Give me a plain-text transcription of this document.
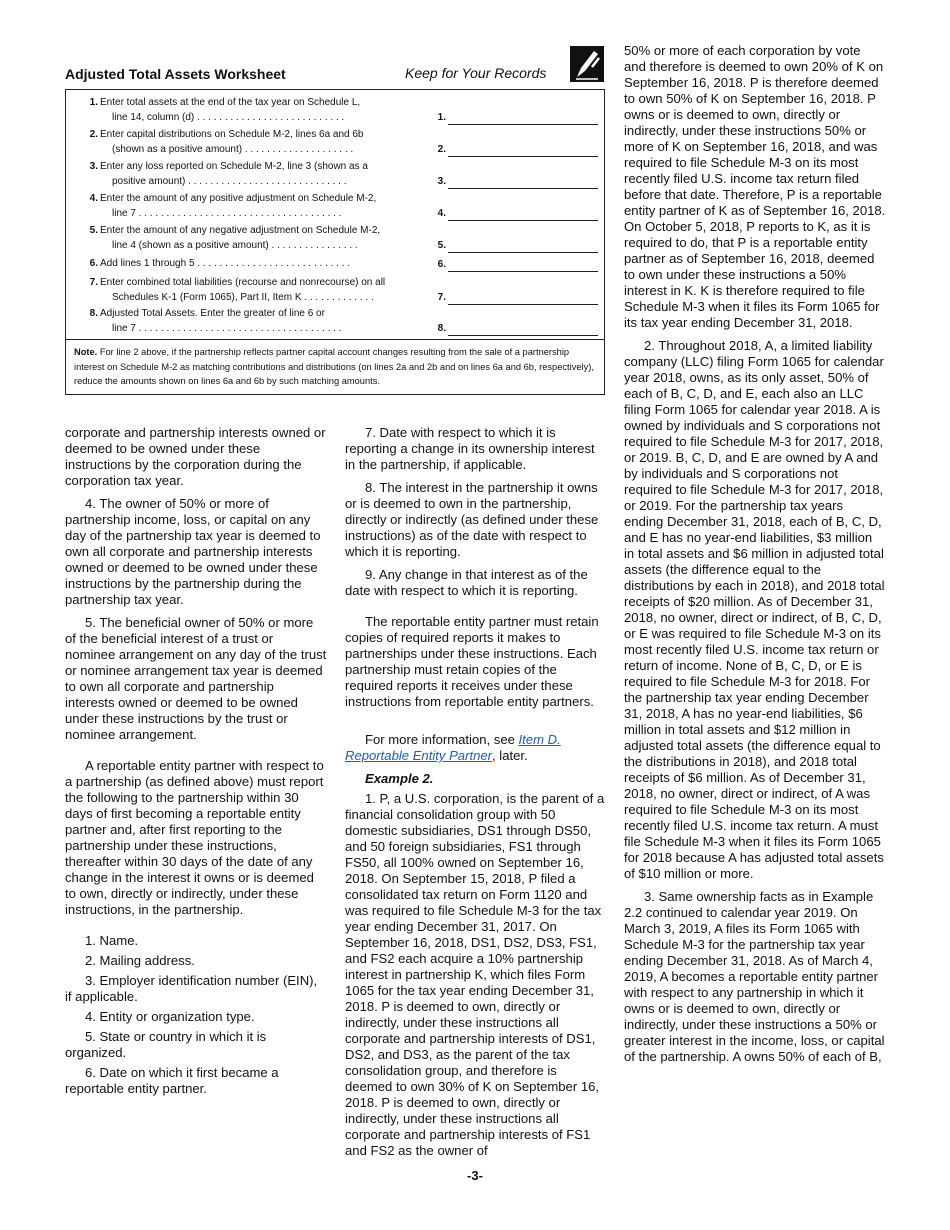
Adjusted Total Assets Worksheet	Keep for Your Records
1. Enter total assets at the end of the tax year on Schedule L,
line 14, column (d) . . . . . . . . . . . . . . . . . . . . . . . . . . .	1.
2. Enter capital distributions on Schedule M-2, lines 6a and 6b
(shown as a positive amount) . . . . . . . . . . . . . . . . . . . .	2.
3. Enter any loss reported on Schedule M-2, line 3 (shown as a
positive amount) . . . . . . . . . . . . . . . . . . . . . . . . . . . . .	3.
4. Enter the amount of any positive adjustment on Schedule M-2,
line 7 . . . . . . . . . . . . . . . . . . . . . . . . . . . . . . . . . . . . .	4.
5. Enter the amount of any negative adjustment on Schedule M-2,
line 4 (shown as a positive amount) . . . . . . . . . . . . . . . .	5.
6. Add lines 1 through 5 . . . . . . . . . . . . . . . . . . . . . . . . . . . .	6.
7. Enter combined total liabilities (recourse and nonrecourse) on all
Schedules K-1 (Form 1065), Part II, Item K . . . . . . . . . . . . .	7.
8. Adjusted Total Assets. Enter the greater of line 6 or
line 7 . . . . . . . . . . . . . . . . . . . . . . . . . . . . . . . . . . . . .	8.
Note. For line 2 above, if the partnership reflects partner capital account changes resulting from the sale of a partnership interest on Schedule M-2 as matching contributions and distributions (on lines 2a and 2b and on lines 6a and 6b, respectively), reduce the amounts shown on lines 6a and 6b by such matching amounts.

corporate and partnership interests owned or deemed to be owned under these instructions by the corporation during the corporation tax year.

4. The owner of 50% or more of partnership income, loss, or capital on any day of the partnership tax year is deemed to own all corporate and partnership interests owned or deemed to be owned under these instructions by the partnership during the partnership tax year.

5. The beneficial owner of 50% or more of the beneficial interest of a trust or nominee arrangement on any day of the trust or nominee arrangement tax year is deemed to own all corporate and partnership interests owned or deemed to be owned under these instructions by the trust or nominee arrangement.

A reportable entity partner with respect to a partnership (as defined above) must report the following to the partnership within 30 days of first becoming a reportable entity partner and, after first reporting to the partnership under these instructions, thereafter within 30 days of the date of any change in the interest it owns or is deemed to own, directly or indirectly, under these instructions, in the partnership.

1. Name.

2. Mailing address.

3. Employer identification number (EIN), if applicable.

4. Entity or organization type.

5. State or country in which it is organized.

6. Date on which it first became a reportable entity partner.

7. Date with respect to which it is reporting a change in its ownership interest in the partnership, if applicable.

8. The interest in the partnership it owns or is deemed to own in the partnership, directly or indirectly (as defined under these instructions) as of the date with respect to which it is reporting.

9. Any change in that interest as of the date with respect to which it is reporting.

The reportable entity partner must retain copies of required reports it makes to partnerships under these instructions. Each partnership must retain copies of the required reports it receives under these instructions from reportable entity partners.

For more information, see Item D. Reportable Entity Partner, later.

Example 2.

1. P, a U.S. corporation, is the parent of a financial consolidation group with 50 domestic subsidiaries, DS1 through DS50, and 50 foreign subsidiaries, FS1 through FS50, all 100% owned on September 16, 2018. On September 15, 2018, P filed a consolidated tax return on Form 1120 and was required to file Schedule M-3 for the tax year ending December 31, 2017. On September 16, 2018, DS1, DS2, DS3, FS1, and FS2 each acquire a 10% partnership interest in partnership K, which files Form 1065 for the tax year ending December 31, 2018. P is deemed to own, directly or indirectly, under these instructions all corporate and partnership interests of DS1, DS2, and DS3, as the parent of the tax consolidation group, and therefore is deemed to own 30% of K on September 16, 2018. P is deemed to own, directly or indirectly, under these instructions all corporate and partnership interests of FS1 and FS2 as the owner of

50% or more of each corporation by vote and therefore is deemed to own 20% of K on September 16, 2018. P is therefore deemed to own 50% of K on September 16, 2018. P owns or is deemed to own, directly or indirectly, under these instructions 50% or more of K on September 16, 2018, and was required to file Schedule M-3 on its most recently filed U.S. income tax return filed before that date. Therefore, P is a reportable entity partner of K as of September 16, 2018. On October 5, 2018, P reports to K, as it is required to do, that P is a reportable entity partner as of September 16, 2018, deemed to own under these instructions a 50% interest in K. K is therefore required to file Schedule M-3 when it files its Form 1065 for its tax year ending December 31, 2018.

2. Throughout 2018, A, a limited liability company (LLC) filing Form 1065 for calendar year 2018, owns, as its only asset, 50% of each of B, C, D, and E, each also an LLC filing Form 1065 for calendar year 2018. A is owned by individuals and S corporations not required to file Schedule M-3 for 2017, 2018, or 2019. B, C, D, and E are owned by A and by individuals and S corporations not required to file Schedule M-3 for 2017, 2018, or 2019. For the partnership tax years ending December 31, 2018, each of B, C, D, and E has no year-end liabilities, $3 million in total assets and $6 million in adjusted total assets (the difference equal to the distributions by each in 2018), and 2018 total receipts of $20 million. As of December 31, 2018, no owner, direct or indirect, of B, C, D, or E was required to file Schedule M-3 on its most recently filed U.S. income tax return or return of income. None of B, C, D, or E is required to file Schedule M-3 for 2018. For the partnership tax year ending December 31, 2018, A has no year-end liabilities, $6 million in total assets and $12 million in adjusted total assets (the difference equal to the distributions in 2018), and 2018 total receipts of $6 million. As of December 31, 2018, no owner, direct or indirect, of A was required to file Schedule M-3 on its most recently filed U.S. income tax return. A must file Schedule M-3 when it files its Form 1065 for 2018 because A has adjusted total assets of $10 million or more.

3. Same ownership facts as in Example 2.2 continued to calendar year 2019. On March 3, 2019, A files its Form 1065 with Schedule M-3 for the partnership tax year ending December 31, 2018. As of March 4, 2019, A becomes a reportable entity partner with respect to any partnership in which it owns or is deemed to own, directly or indirectly, under these instructions a 50% or greater interest in the income, loss, or capital of the partnership. A owns 50% of each of B,

-3-
